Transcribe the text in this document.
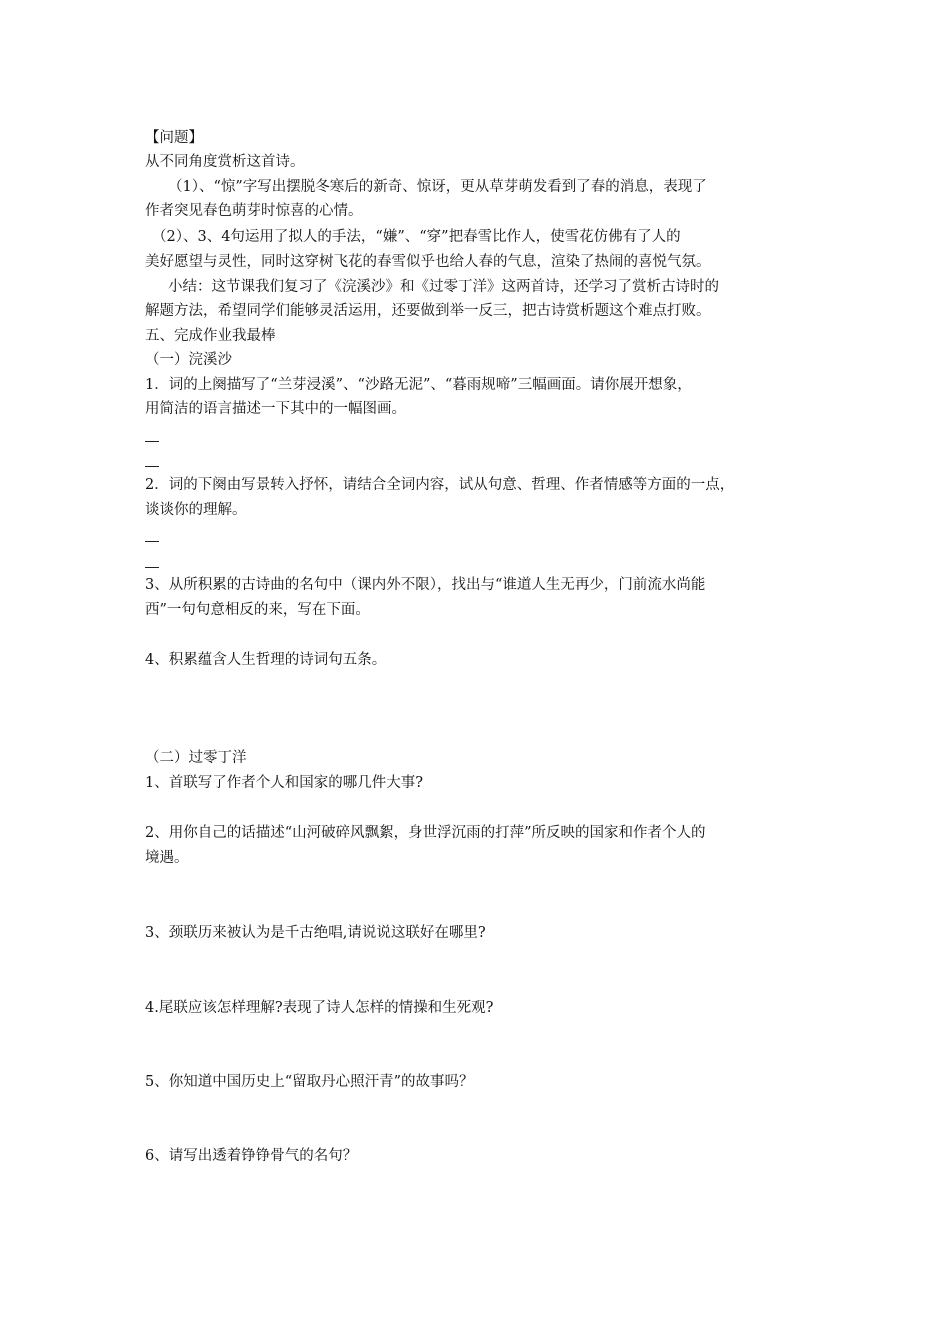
【问题】
从不同角度赏析这首诗。
（1）、“惊”字写出摆脱冬寒后的新奇、惊讶，更从草芽萌发看到了春的消息，表现了
作者突见春色萌芽时惊喜的心情。
（2）、3、4句运用了拟人的手法，“嫌”、“穿”把春雪比作人，使雪花仿佛有了人的
美好愿望与灵性，同时这穿树飞花的春雪似乎也给人春的气息，渲染了热闹的喜悦气氛。
小结：这节课我们复习了《浣溪沙》和《过零丁洋》这两首诗，还学习了赏析古诗时的
解题方法，希望同学们能够灵活运用，还要做到举一反三，把古诗赏析题这个难点打败。
五、完成作业我最棒
（一）浣溪沙
1．词的上阕描写了“兰芽浸溪”、“沙路无泥”、“暮雨规啼”三幅画面。请你展开想象，
用简洁的语言描述一下其中的一幅图画。
2．词的下阕由写景转入抒怀，请结合全词内容，试从句意、哲理、作者情感等方面的一点，
谈谈你的理解。
3、从所积累的古诗曲的名句中（课内外不限），找出与“谁道人生无再少，门前流水尚能
西”一句句意相反的来，写在下面。
4、积累蕴含人生哲理的诗词句五条。
（二）过零丁洋
1、首联写了作者个人和国家的哪几件大事?
2、用你自己的话描述“山河破碎风飘絮，身世浮沉雨的打萍”所反映的国家和作者个人的
境遇。
3、颈联历来被认为是千古绝唱,请说说这联好在哪里?
4.尾联应该怎样理解?表现了诗人怎样的情操和生死观?
5、你知道中国历史上“留取丹心照汗青”的故事吗？
6、请写出透着铮铮骨气的名句？
